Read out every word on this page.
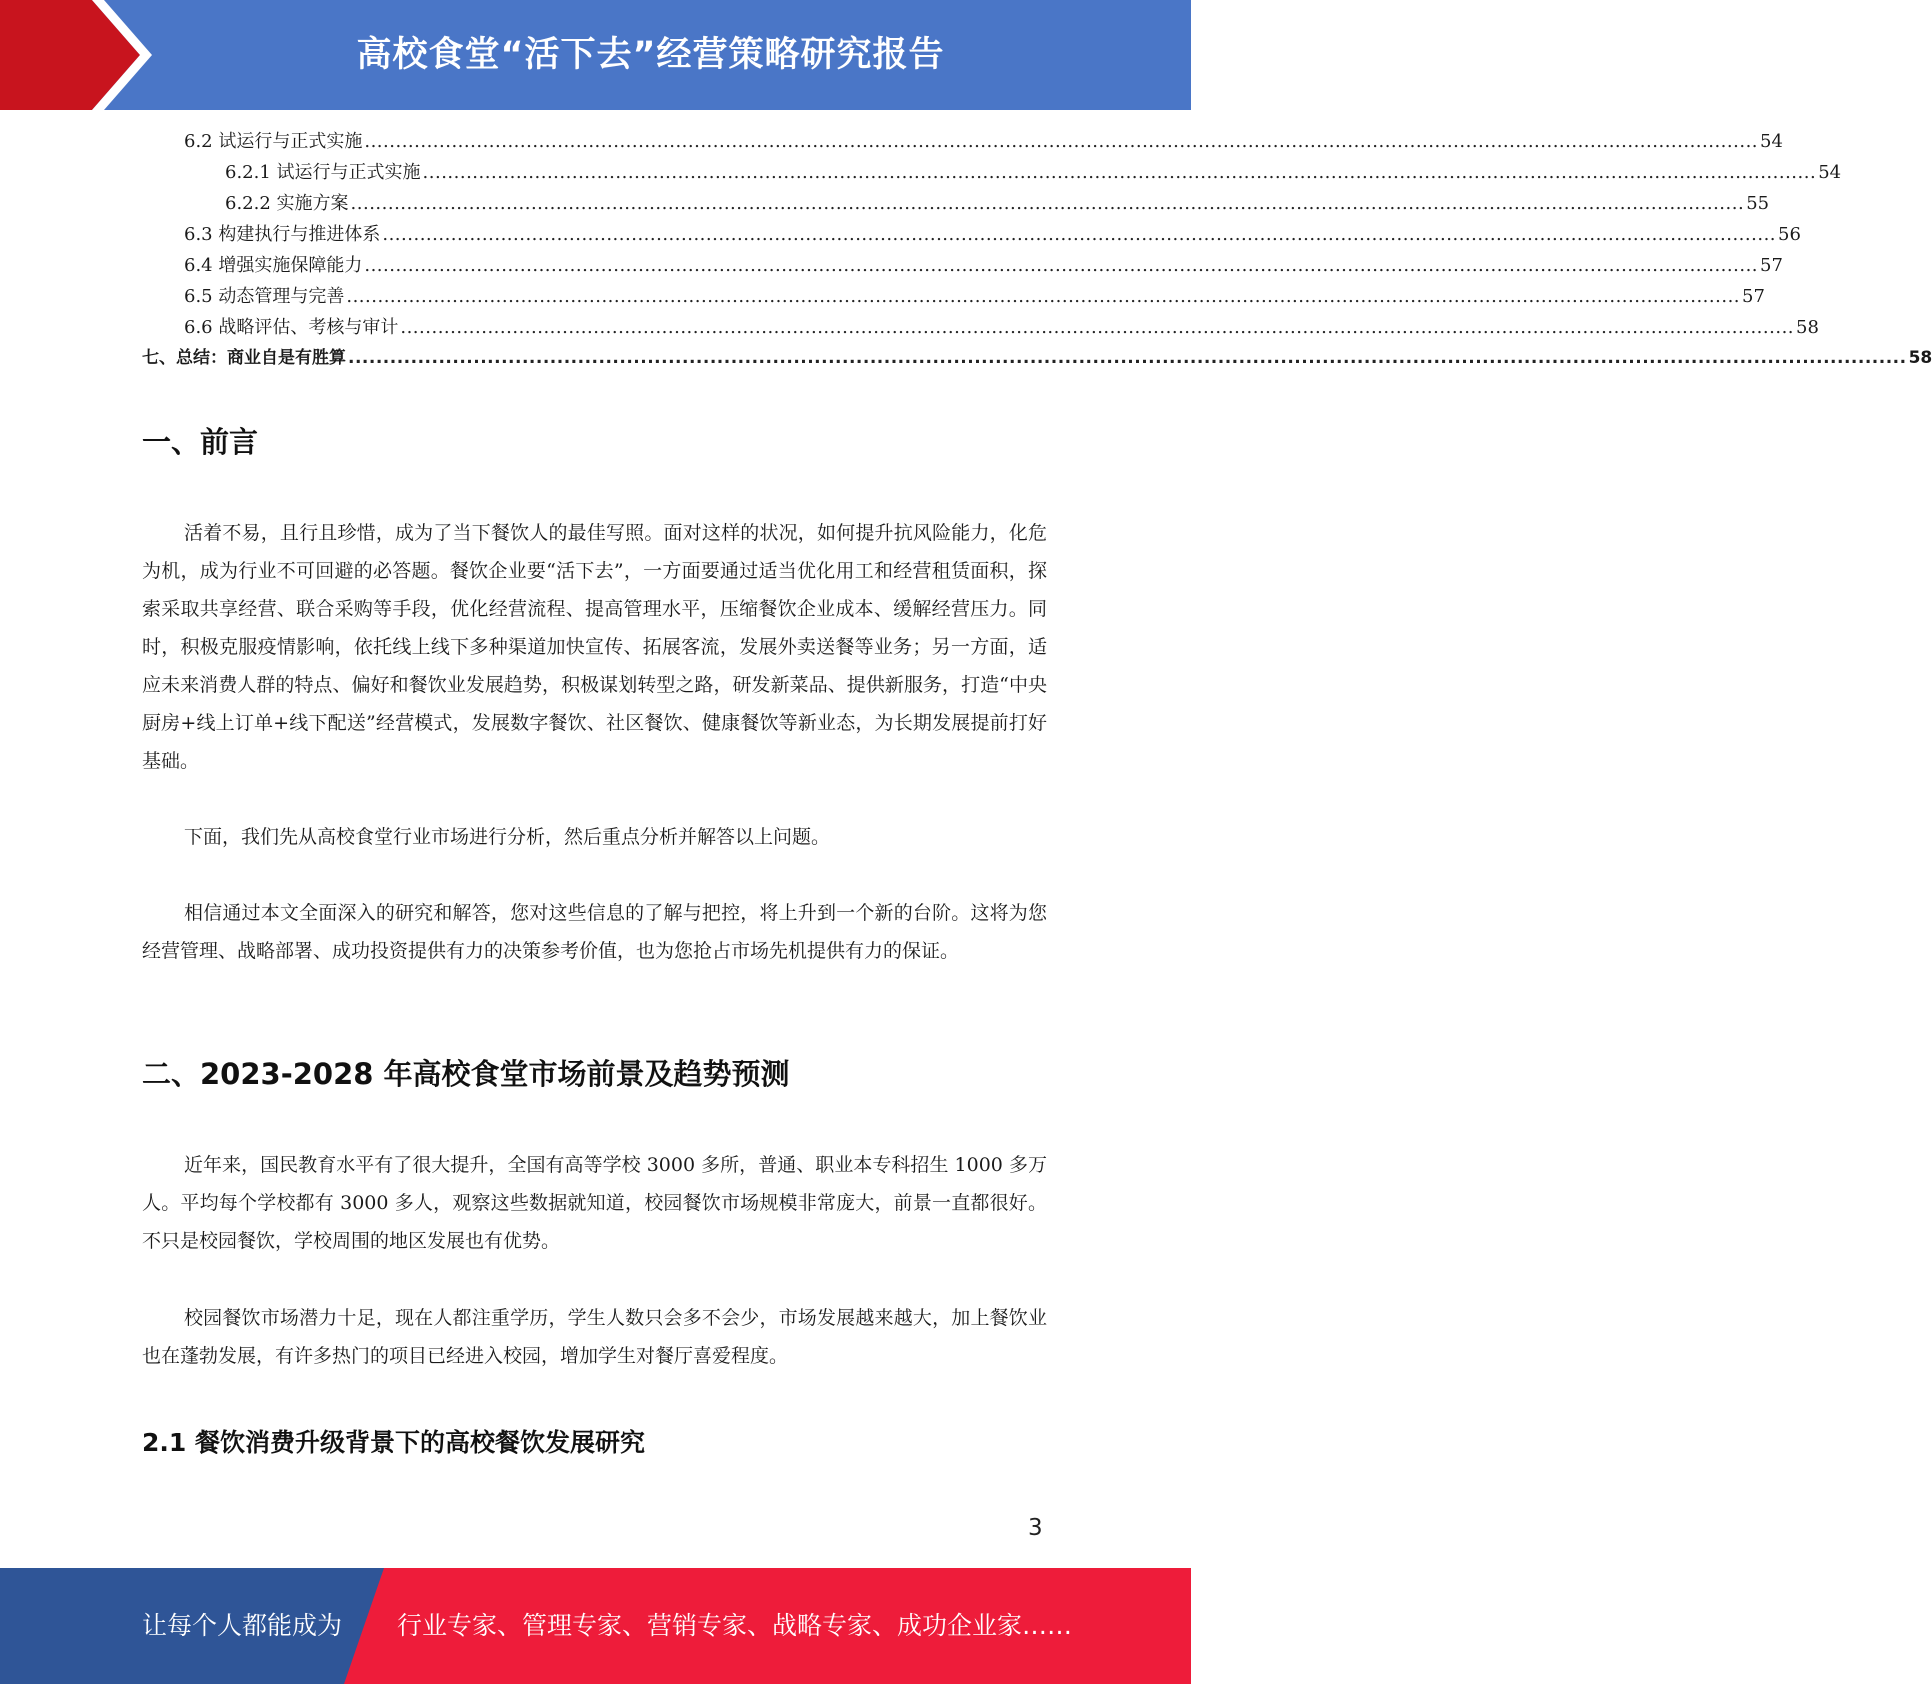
高校食堂“活下去”经营策略研究报告
6.2 试运行与正式实施 ................................................................................................................................................................................................................................ 54
6.2.1 试运行与正式实施 ................................................................................................................................................................................................................................ 54
6.2.2 实施方案 ................................................................................................................................................................................................................................ 55
6.3 构建执行与推进体系 ................................................................................................................................................................................................................................ 56
6.4 增强实施保障能力 ................................................................................................................................................................................................................................ 57
6.5 动态管理与完善 ................................................................................................................................................................................................................................ 57
6.6 战略评估、考核与审计 ................................................................................................................................................................................................................................ 58
七、总结：商业自是有胜算 ................................................................................................................................................................................................................................ 58
一、前言
活着不易，且行且珍惜，成为了当下餐饮人的最佳写照。面对这样的状况，如何提升抗风险能力，化危为机，成为行业不可回避的必答题。餐饮企业要“活下去”，一方面要通过适当优化用工和经营租赁面积，探索采取共享经营、联合采购等手段，优化经营流程、提高管理水平，压缩餐饮企业成本、缓解经营压力。同时，积极克服疫情影响，依托线上线下多种渠道加快宣传、拓展客流，发展外卖送餐等业务；另一方面，适应未来消费人群的特点、偏好和餐饮业发展趋势，积极谋划转型之路，研发新菜品、提供新服务，打造“中央厨房+线上订单+线下配送”经营模式，发展数字餐饮、社区餐饮、健康餐饮等新业态，为长期发展提前打好基础。
下面，我们先从高校食堂行业市场进行分析，然后重点分析并解答以上问题。
相信通过本文全面深入的研究和解答，您对这些信息的了解与把控，将上升到一个新的台阶。这将为您经营管理、战略部署、成功投资提供有力的决策参考价值，也为您抢占市场先机提供有力的保证。
二、2023-2028 年高校食堂市场前景及趋势预测
近年来，国民教育水平有了很大提升，全国有高等学校 3000 多所，普通、职业本专科招生 1000 多万人。平均每个学校都有 3000 多人，观察这些数据就知道，校园餐饮市场规模非常庞大，前景一直都很好。不只是校园餐饮，学校周围的地区发展也有优势。
校园餐饮市场潜力十足，现在人都注重学历，学生人数只会多不会少，市场发展越来越大，加上餐饮业也在蓬勃发展，有许多热门的项目已经进入校园，增加学生对餐厅喜爱程度。
2.1 餐饮消费升级背景下的高校餐饮发展研究
3
让每个人都能成为 行业专家、管理专家、营销专家、战略专家、成功企业家……
